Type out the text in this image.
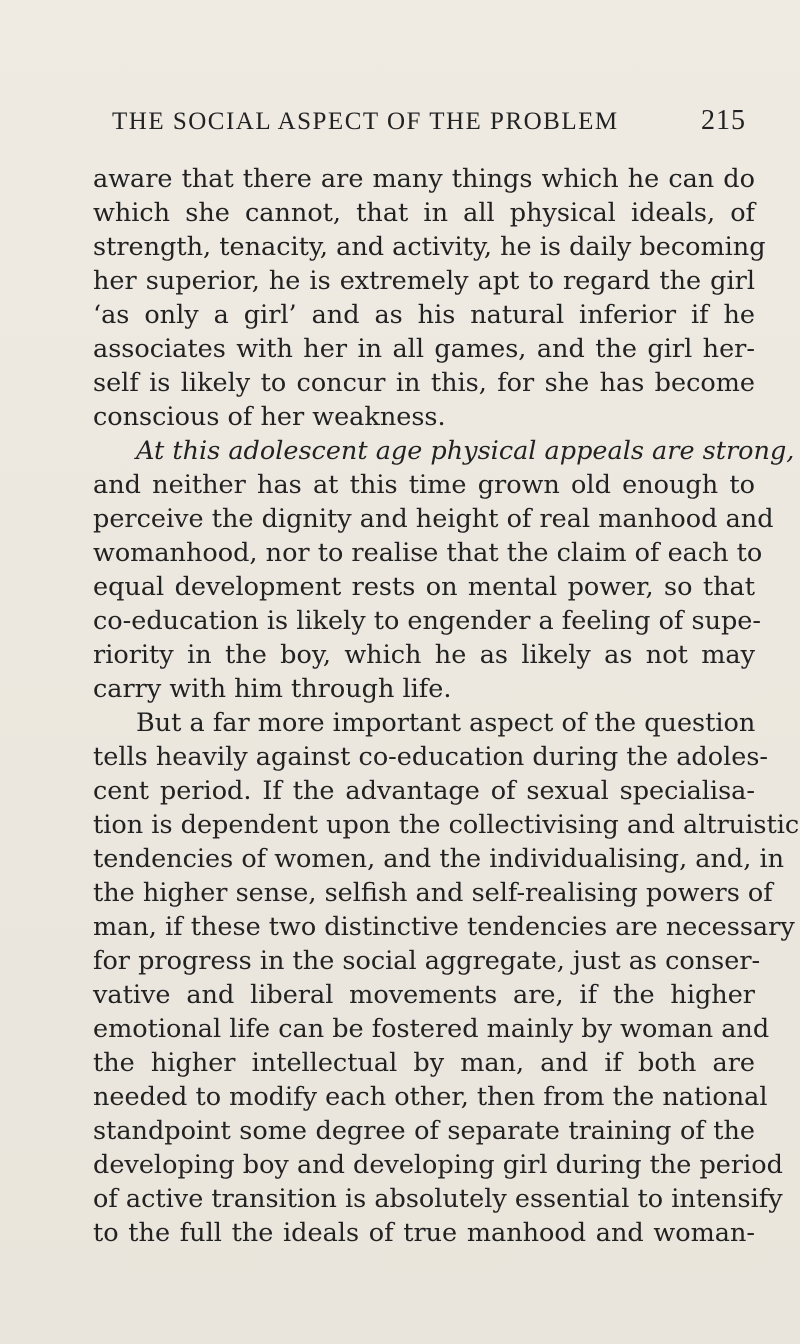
THE SOCIAL ASPECT OF THE PROBLEM	215
aware that there are many things which he can do
which she cannot, that in all physical ideals, of
strength, tenacity, and activity, he is daily becoming
her superior, he is extremely apt to regard the girl
‘as only a girl’ and as his natural inferior if he
associates with her in all games, and the girl her-
self is likely to concur in this, for she has become
conscious of her weakness.
At this adolescent age physical appeals are strong,
and neither has at this time grown old enough to
perceive the dignity and height of real manhood and
womanhood, nor to realise that the claim of each to
equal development rests on mental power, so that
co-education is likely to engender a feeling of supe-
riority in the boy, which he as likely as not may
carry with him through life.
But a far more important aspect of the question
tells heavily against co-education during the adoles-
cent period. If the advantage of sexual specialisa-
tion is dependent upon the collectivising and altruistic
tendencies of women, and the individualising, and, in
the higher sense, selfish and self-realising powers of
man, if these two distinctive tendencies are necessary
for progress in the social aggregate, just as conser-
vative and liberal movements are, if the higher
emotional life can be fostered mainly by woman and
the higher intellectual by man, and if both are
needed to modify each other, then from the national
standpoint some degree of separate training of the
developing boy and developing girl during the period
of active transition is absolutely essential to intensify
to the full the ideals of true manhood and woman-
